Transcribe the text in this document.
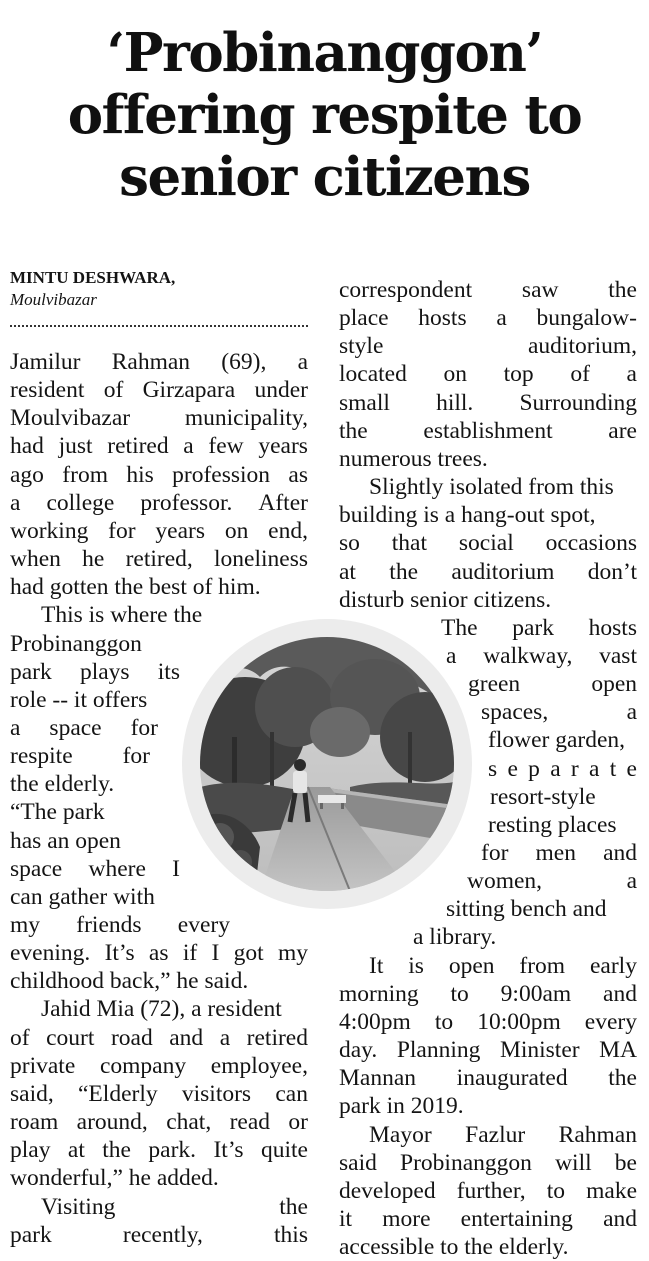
‘Probinanggon’
offering respite to
senior citizens
MINTU DESHWARA,
Moulvibazar
Jamilur Rahman (69), a
resident of Girzapara under
Moulvibazar municipality,
had just retired a few years
ago from his profession as
a college professor. After
working for years on end,
when he retired, loneliness
had gotten the best of him.
This is where the
Probinanggon
park plays its
role -- it offers
a space for
respite for
the elderly.
“The park
has an open
space where I
can gather with
my friends every
evening. It’s as if I got my
childhood back,” he said.
Jahid Mia (72), a resident
of court road and a retired
private company employee,
said, “Elderly visitors can
roam around, chat, read or
play at the park. It’s quite
wonderful,” he added.
Visiting	the
park	recently,	this
correspondent saw the
place hosts a bungalow-
style	auditorium,
located on top of a
small hill. Surrounding
the establishment are
numerous trees.
Slightly isolated from this
building is a hang-out spot,
so that social occasions
at the auditorium don’t
disturb senior citizens.
The park hosts
a walkway, vast
green	open
spaces,	a
flower garden,
s e p a r a t e
resort-style
resting places
for men and
women,	a
sitting bench and
a library.
It is open from early
morning to 9:00am and
4:00pm to 10:00pm every
day. Planning Minister MA
Mannan inaugurated the
park in 2019.
Mayor Fazlur Rahman
said Probinanggon will be
developed further, to make
it more entertaining and
accessible to the elderly.
